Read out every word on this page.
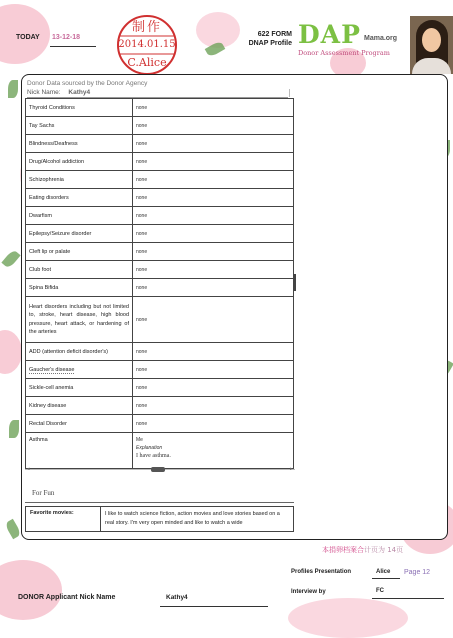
TODAY 13-12-18
制作
2014.01.15
C.Alice
622 FORM
DNAP Profile DAP Mama.org
Donor Assessment Program
Donor Data sourced by the Donor Agency
Nick Name: Kathy4
Thyroid Conditions	none
Tay Sachs	none
Blindness/Deafness	none
Drug/Alcohol addiction	none
Schizophrenia	none
Eating disorders	none
Dwarfism	none
Epilepsy/Seizure disorder	none
Cleft lip or palate	none
Club foot	none
Spina Bifida	none
Heart disorders including but not limited to, stroke, heart disease, high blood pressure, heart attack, or hardening of the arteries	none
ADD (attention deficit disorder's)	none
Gaucher's disease	none
Sickle-cell anemia	none
Kidney disease	none
Rectal Disorder	none
Asthma	Me
Explanation
I have asthma.
◂	▸
For Fun
Favorite movies:	I like to watch science fiction, action movies and love stories based on a real story. I'm very open minded and like to watch a wide
本捐卵档案合计页为 14页
Profiles Presentation	Alice Page 12
Interview by	FC
DONOR Applicant Nick Name	Kathy4
